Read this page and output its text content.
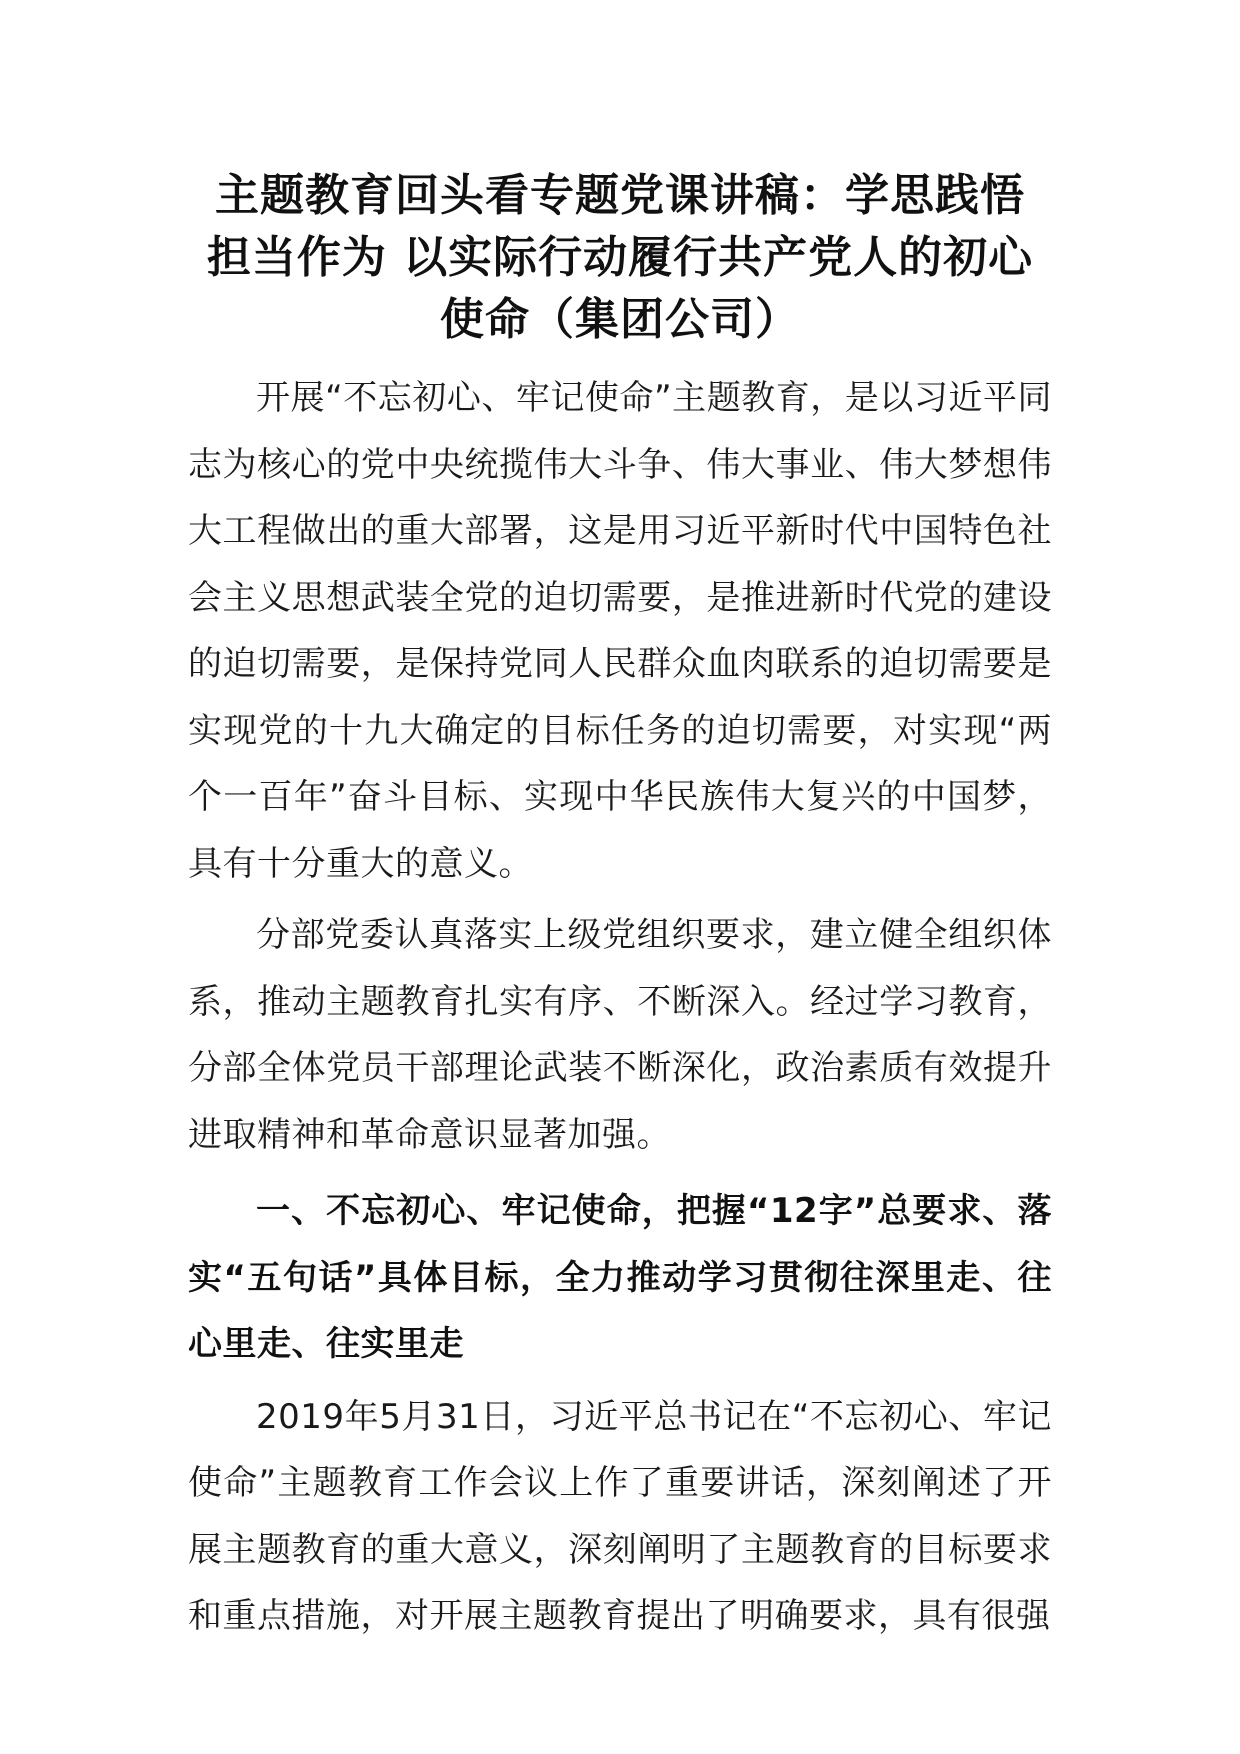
主题教育回头看专题党课讲稿：学思践悟
担当作为 以实际行动履行共产党人的初心
使命（集团公司）

开展“不忘初心、牢记使命”主题教育，是以习近平同志为核心的党中央统揽伟大斗争、伟大事业、伟大梦想伟大工程做出的重大部署，这是用习近平新时代中国特色社会主义思想武装全党的迫切需要，是推进新时代党的建设的迫切需要，是保持党同人民群众血肉联系的迫切需要是实现党的十九大确定的目标任务的迫切需要，对实现“两个一百年”奋斗目标、实现中华民族伟大复兴的中国梦，具有十分重大的意义。

分部党委认真落实上级党组织要求，建立健全组织体系，推动主题教育扎实有序、不断深入。经过学习教育，分部全体党员干部理论武装不断深化，政治素质有效提升进取精神和革命意识显著加强。

一、不忘初心、牢记使命，把握“12字”总要求、落实“五句话”具体目标，全力推动学习贯彻往深里走、往心里走、往实里走

2019年5月31日，习近平总书记在“不忘初心、牢记使命”主题教育工作会议上作了重要讲话，深刻阐述了开展主题教育的重大意义，深刻阐明了主题教育的目标要求和重点措施，对开展主题教育提出了明确要求，具有很强
